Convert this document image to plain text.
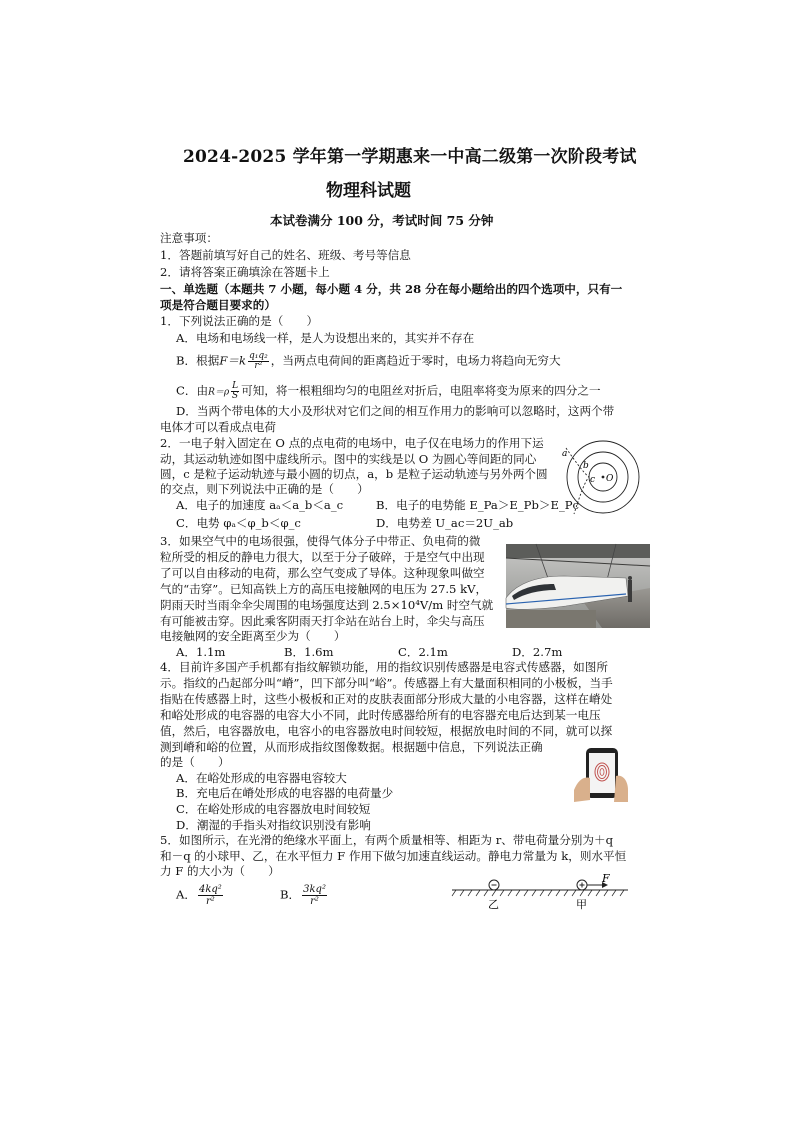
2024-2025 学年第一学期惠来一中高二级第一次阶段考试
物理科试题
本试卷满分 100 分，考试时间 75 分钟
注意事项：
1．答题前填写好自己的姓名、班级、考号等信息
2．请将答案正确填涂在答题卡上
一、单选题（本题共 7 小题，每小题 4 分，共 28 分在每小题给出的四个选项中，只有一
项是符合题目要求的）
1．下列说法正确的是（　　）
A．电场和电场线一样，是人为设想出来的，其实并不存在
B．根据$F=k \frac{\text{q₁q₂}}{\text{r²}}$ ，当两点电荷间的距离趋近于零时，电场力将趋向无穷大
C．由$R=\rho \frac{L}{S}$ 可知，将一根粗细均匀的电阻丝对折后，电阻率将变为原来的四分之一
D．当两个带电体的大小及形状对它们之间的相互作用力的影响可以忽略时，这两个带
电体才可以看成点电荷
2．一电子射入固定在 O 点的点电荷的电场中，电子仅在电场力的作用下运
动，其运动轨迹如图中虚线所示。图中的实线是以 O 为圆心等间距的同心
圆，c 是粒子运动轨迹与最小圆的切点，a，b 是粒子运动轨迹与另外两个圆
的交点，则下列说法中正确的是（　　）
A．电子的加速度 aₐ＜a_b＜a_c	B．电子的电势能 E_Pa＞E_Pb＞E_Pc
C．电势 φₐ＜φ_b＜φ_c	D．电势差 U_ac＝2U_ab
O
a
b
c
3．如果空气中的电场很强，使得气体分子中带正、负电荷的微
粒所受的相反的静电力很大，以至于分子破碎，于是空气中出现
了可以自由移动的电荷，那么空气变成了导体。这种现象叫做空
气的“击穿”。已知高铁上方的高压电接触网的电压为 27.5 kV，
阴雨天时当雨伞伞尖周围的电场强度达到 2.5×10⁴V/m 时空气就
有可能被击穿。因此乘客阴雨天打伞站在站台上时，伞尖与高压
电接触网的安全距离至少为（　　）
A．1.1m	B．1.6m	C．2.1m	D．2.7m
4．目前许多国产手机都有指纹解锁功能，用的指纹识别传感器是电容式传感器，如图所
示。指纹的凸起部分叫“嵴”，凹下部分叫“峪”。传感器上有大量面积相同的小极板，当手
指贴在传感器上时，这些小极板和正对的皮肤表面部分形成大量的小电容器，这样在嵴处
和峪处形成的电容器的电容大小不同，此时传感器给所有的电容器充电后达到某一电压
值，然后，电容器放电，电容小的电容器放电时间较短，根据放电时间的不同，就可以探
测到嵴和峪的位置，从而形成指纹图像数据。根据题中信息，下列说法正确
的是（　　）
A．在峪处形成的电容器电容较大
B．充电后在嵴处形成的电容器的电荷量少
C．在峪处形成的电容器放电时间较短
D．潮湿的手指头对指纹识别没有影响
5．如图所示，在光滑的绝缘水平面上，有两个质量相等、相距为 r、带电荷量分别为＋q
和－q 的小球甲、乙，在水平恒力 F 作用下做匀加速直线运动。静电力常量为 k，则水平恒
力 F 的大小为（　　）
A． $\frac{\text{4kq²}}{\text{r²}}$	B． $\frac{\text{3kq²}}{\text{r²}}$
F
乙	甲
